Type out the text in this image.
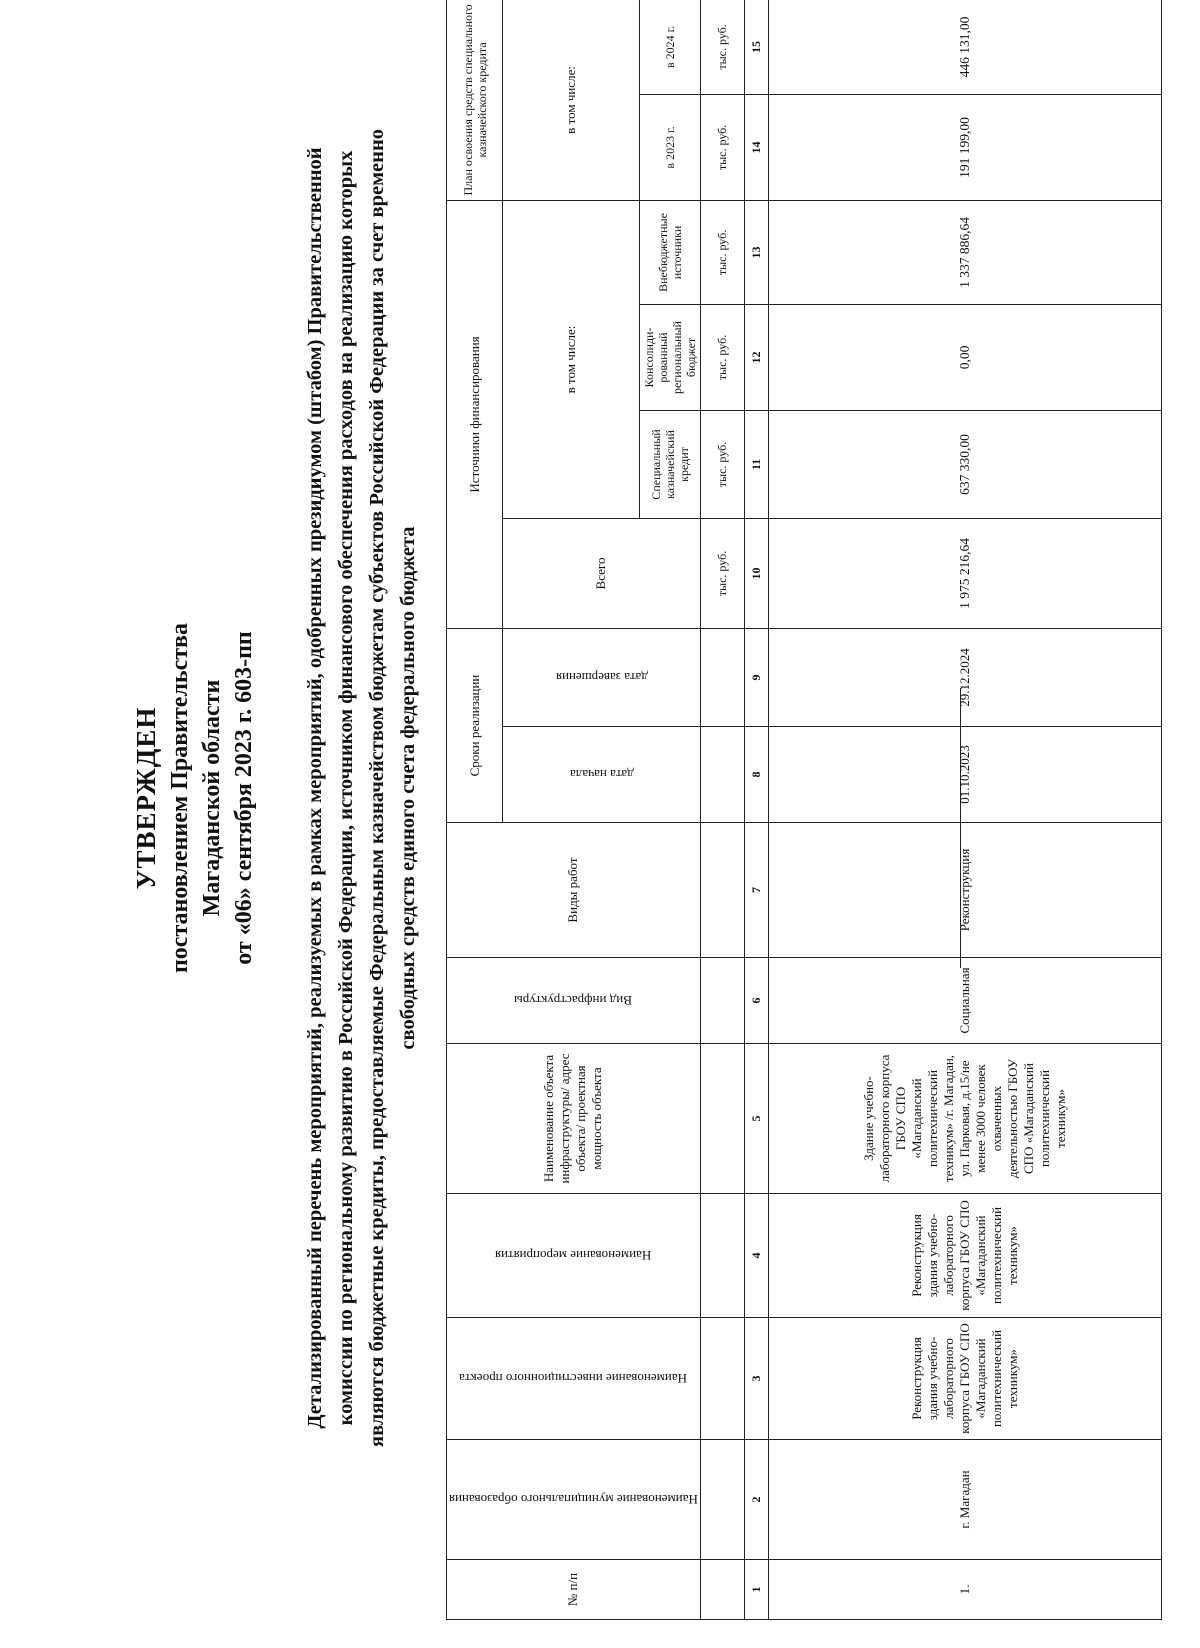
УТВЕРЖДЕН постановлением Правительства Магаданской области от «06» сентября 2023 г. 603-пп Детализированный перечень мероприятий, реализуемых в рамках мероприятий, одобренных президиумом (штабом) Правительственной комиссии по региональному развитию в Российской Федерации, источником финансового обеспечения расходов на реализацию которых являются бюджетные кредиты, предоставляемые Федеральным казначейством бюджетам субъектов Российской Федерации за счет временно свободных средств единого счета федерального бюджета
№ п/п	Наименование муниципального образования	Наименование инвестиционного проекта	Наименование мероприятия	Наименование объекта инфраструктуры/ адрес объекта/ проектная мощность объекта	Вид инфраструктуры	Виды работ	Сроки реализации		Источники финансирования				План освоения средств специального казначейского кредита	

							дата начала	дата завершения	Всего	в том числе:			в том числе:	
										Специальный казначейский кредит	Консолиди-рованный региональный бюджет	Внебюджетные источники	в 2023 г.	в 2024 г.
									тыс. руб.	тыс. руб.	тыс. руб.	тыс. руб.	тыс. руб.	тыс. руб.
1	2	3	4	5	6	7	8	9	10	11	12	13	14	15
1.	г. Магадан	Реконструкция здания учебно-лабораторного корпуса ГБОУ СПО «Магаданский политехнический техникум»	Реконструкция здания учебно-лабораторного корпуса ГБОУ СПО «Магаданский политехнический техникум»	Здание учебно-лабораторного корпуса ГБОУ СПО «Магаданский политехнический техникум» /г. Магадан, ул. Парковая, д.15/не менее 3000 человек охваченных деятельностью ГБОУ СПО «Магаданский политехнический техникум»	Социальная	Реконструкция	01.10.2023	29.12.2024	1 975 216,64	637 330,00	0,00	1 337 886,64	191 199,00	446 131,00
